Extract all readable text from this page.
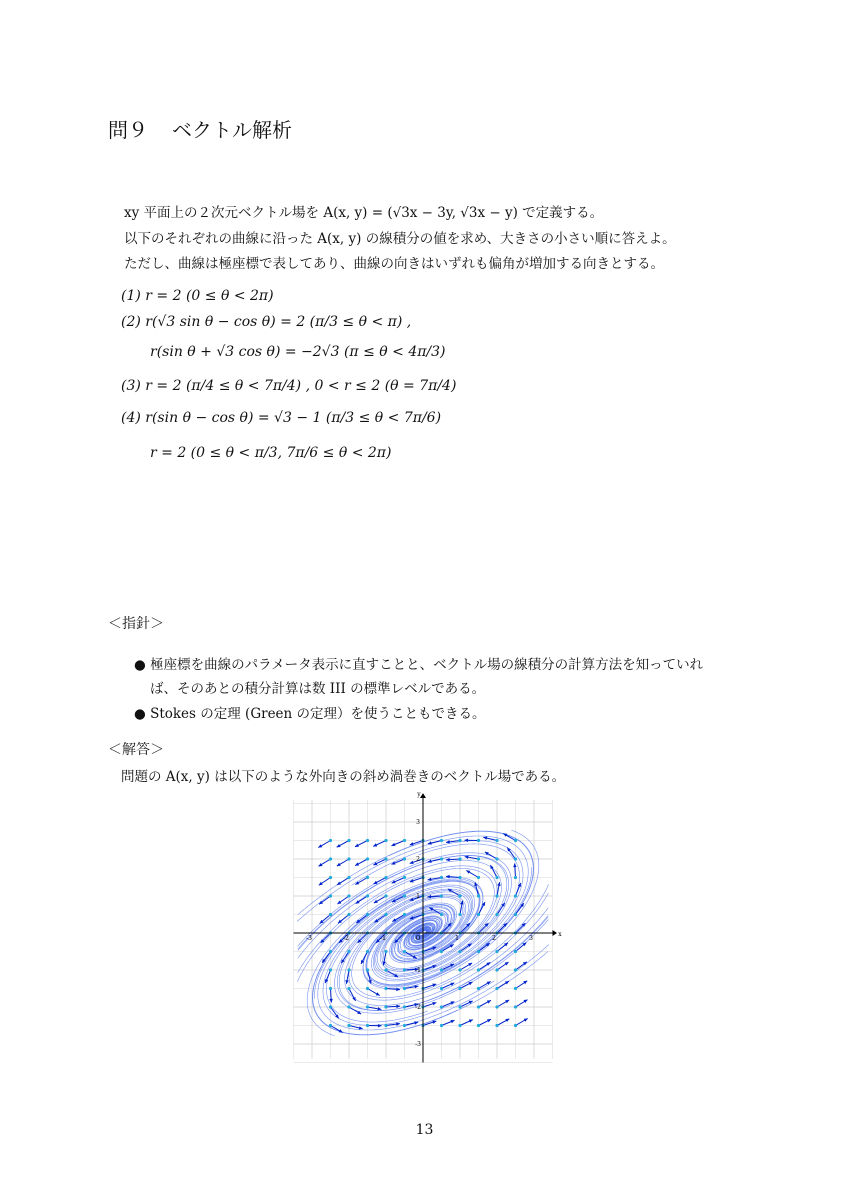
問９ ベクトル解析
xy 平面上の２次元ベクトル場を A(x, y) = (√3x − 3y, √3x − y) で定義する。
以下のそれぞれの曲線に沿った A(x, y) の線積分の値を求め、大きさの小さい順に答えよ。
ただし、曲線は極座標で表してあり、曲線の向きはいずれも偏角が増加する向きとする。
(1) r = 2 (0 ≤ θ < 2π)
(2) r(√3 sin θ − cos θ) = 2 (π/3 ≤ θ < π) ,
r(sin θ + √3 cos θ) = −2√3 (π ≤ θ < 4π/3)
(3) r = 2 (π/4 ≤ θ < 7π/4) , 0 < r ≤ 2 (θ = 7π/4)
(4) r(sin θ − cos θ) = √3 − 1 (π/3 ≤ θ < 7π/6)
r = 2 (0 ≤ θ < π/3, 7π/6 ≤ θ < 2π)
＜指針＞
● 極座標を曲線のパラメータ表示に直すことと、ベクトル場の線積分の計算方法を知っていれ
ば、そのあとの積分計算は数 III の標準レベルである。
● Stokes の定理 (Green の定理）を使うこともできる。
＜解答＞
問題の A(x, y) は以下のような外向きの斜め渦巻きのベクトル場である。
x
y
O
-3	-2	-1	1	2	3
3
2
1
-1
-2
-3
13
